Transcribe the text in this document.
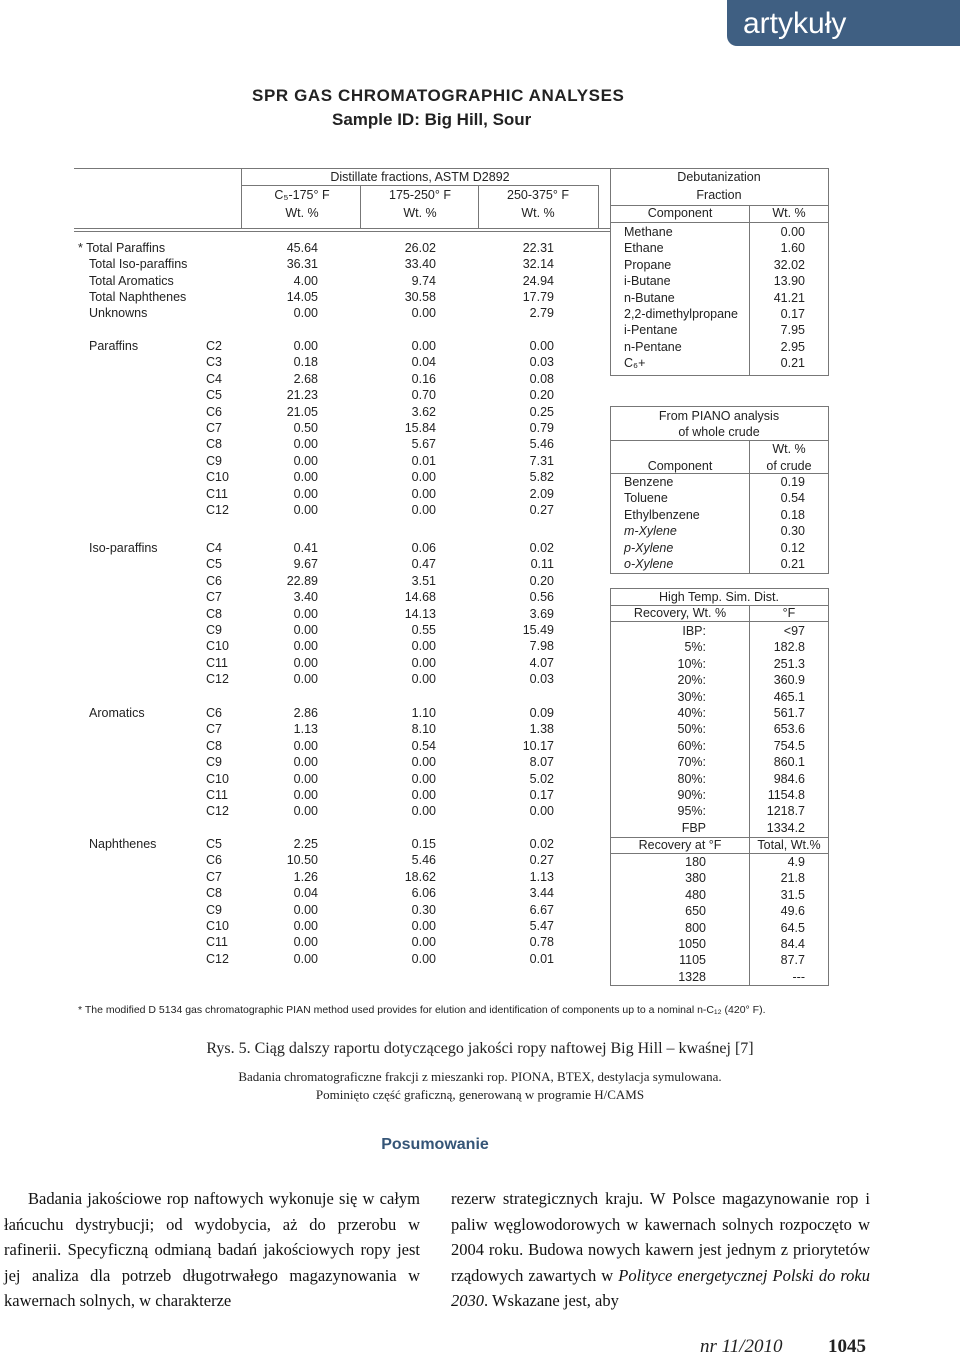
artykuły
SPR GAS CHROMATOGRAPHIC ANALYSES
Sample ID: Big Hill, Sour
* The modified D 5134 gas chromatographic PIAN method used provides for elution and identification of components up to a nominal n-C₁₂ (420° F).
Distillate fractions, ASTM D2892
C₅-175° F	175-250° F	250-375° F
Wt. %	Wt. %	Wt. %
* Total Paraffins	45.64	26.02	22.31
Total Iso-paraffins	36.31	33.40	32.14
Total Aromatics	4.00	9.74	24.94
Total Naphthenes	14.05	30.58	17.79
Unknowns	0.00	0.00	2.79
Paraffins	C2	0.00	0.00	0.00
C3	0.18	0.04	0.03
C4	2.68	0.16	0.08
C5	21.23	0.70	0.20
C6	21.05	3.62	0.25
C7	0.50	15.84	0.79
C8	0.00	5.67	5.46
C9	0.00	0.01	7.31
C10	0.00	0.00	5.82
C11	0.00	0.00	2.09
C12	0.00	0.00	0.27
Iso-paraffins	C4	0.41	0.06	0.02
C5	9.67	0.47	0.11
C6	22.89	3.51	0.20
C7	3.40	14.68	0.56
C8	0.00	14.13	3.69
C9	0.00	0.55	15.49
C10	0.00	0.00	7.98
C11	0.00	0.00	4.07
C12	0.00	0.00	0.03
Aromatics	C6	2.86	1.10	0.09
C7	1.13	8.10	1.38
C8	0.00	0.54	10.17
C9	0.00	0.00	8.07
C10	0.00	0.00	5.02
C11	0.00	0.00	0.17
C12	0.00	0.00	0.00
Naphthenes	C5	2.25	0.15	0.02
C6	10.50	5.46	0.27
C7	1.26	18.62	1.13
C8	0.04	6.06	3.44
C9	0.00	0.30	6.67
C10	0.00	0.00	5.47
C11	0.00	0.00	0.78
C12	0.00	0.00	0.01
Debutanization
Fraction
Component	Wt. %
Methane	0.00
Ethane	1.60
Propane	32.02
i-Butane	13.90
n-Butane	41.21
2,2-dimethylpropane	0.17
i-Pentane	7.95
n-Pentane	2.95
C₆+	0.21
From PIANO analysis
of whole crude
Component
Wt. %
of crude
Benzene	0.19
Toluene	0.54
Ethylbenzene	0.18
m-Xylene	0.30
p-Xylene	0.12
o-Xylene	0.21
High Temp. Sim. Dist.
Recovery, Wt. %	°F
IBP:	<97
5%:	182.8
10%:	251.3
20%:	360.9
30%:	465.1
40%:	561.7
50%:	653.6
60%:	754.5
70%:	860.1
80%:	984.6
90%:	1154.8
95%:	1218.7
FBP	1334.2
Recovery at °F	Total, Wt.%
180	4.9
380	21.8
480	31.5
650	49.6
800	64.5
1050	84.4
1105	87.7
1328	---
Rys. 5. Ciąg dalszy raportu dotyczącego jakości ropy naftowej Big Hill – kwaśnej [7]
Badania chromatograficzne frakcji z mieszanki rop. PIONA, BTEX, destylacja symulowana.
Pominięto część graficzną, generowaną w programie H/CAMS
Posumowanie

Badania jakościowe rop naftowych wykonuje się w całym łańcuchu dystrybucji; od wydobycia, aż do przerobu w rafinerii. Specyficzną odmianą badań jakościowych ropy jest jej analiza dla potrzeb długotrwałego magazynowania w kawernach solnych, w charakterze

rezerw strategicznych kraju. W Polsce magazynowanie rop i paliw węglowodorowych w kawernach solnych rozpoczęto w 2004 roku. Budowa nowych kawern jest jednym z priorytetów rządowych zawartych w Polityce energetycznej Polski do roku 2030. Wskazane jest, aby

nr 11/2010 1045
